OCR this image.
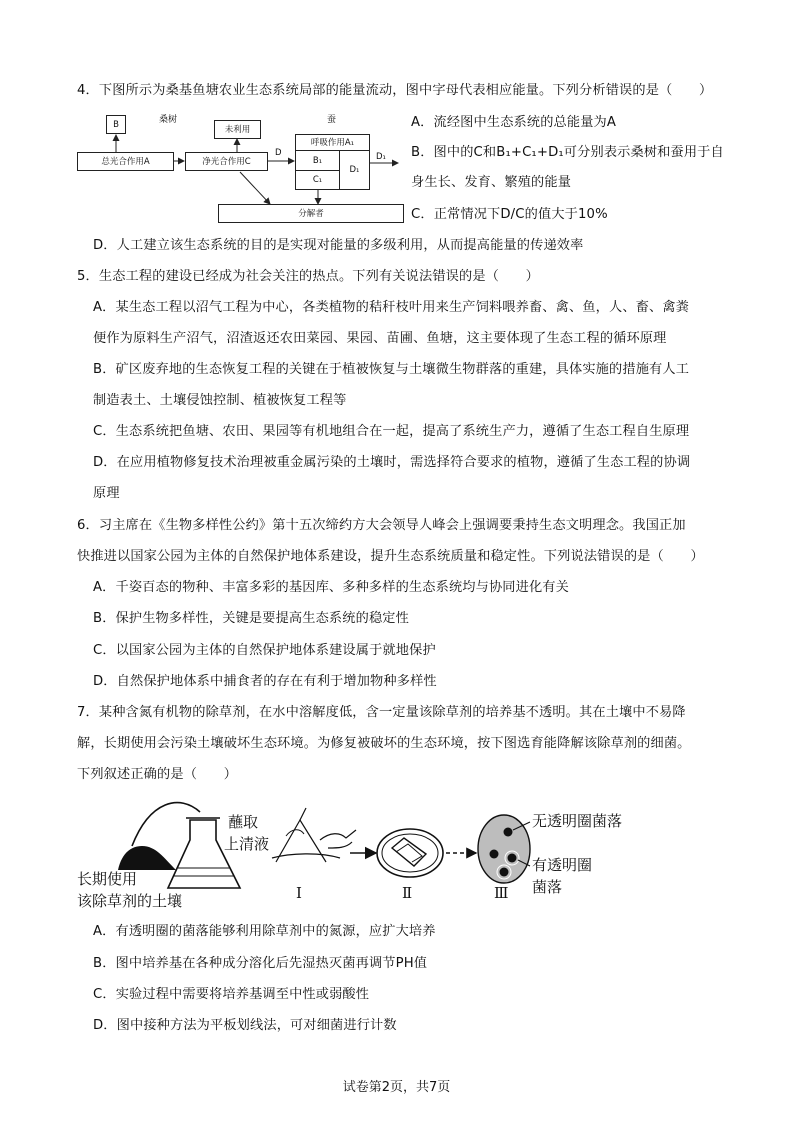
4．下图所示为桑基鱼塘农业生态系统局部的能量流动，图中字母代表相应能量。下列分析错误的是（　　）
B	桑树	蚕
总光合作用A
未利用
净光合作用C
D
呼吸作用A₁
B₁
C₁
D₁
D₁
分解者
A．流经图中生态系统的总能量为A
B．图中的C和B₁+C₁+D₁可分别表示桑树和蚕用于自
身生长、发育、繁殖的能量
C．正常情况下D/C的值大于10%
D．人工建立该生态系统的目的是实现对能量的多级利用，从而提高能量的传递效率
5．生态工程的建设已经成为社会关注的热点。下列有关说法错误的是（　　）
A．某生态工程以沼气工程为中心，各类植物的秸秆枝叶用来生产饲料喂养畜、禽、鱼，人、畜、禽粪
便作为原料生产沼气，沼渣返还农田菜园、果园、苗圃、鱼塘，这主要体现了生态工程的循环原理
B．矿区废弃地的生态恢复工程的关键在于植被恢复与土壤微生物群落的重建，具体实施的措施有人工
制造表土、土壤侵蚀控制、植被恢复工程等
C．生态系统把鱼塘、农田、果园等有机地组合在一起，提高了系统生产力，遵循了生态工程自生原理
D．在应用植物修复技术治理被重金属污染的土壤时，需选择符合要求的植物，遵循了生态工程的协调
原理
6．习主席在《生物多样性公约》第十五次缔约方大会领导人峰会上强调要秉持生态文明理念。我国正加
快推进以国家公园为主体的自然保护地体系建设，提升生态系统质量和稳定性。下列说法错误的是（　　）
A．千姿百态的物种、丰富多彩的基因库、多种多样的生态系统均与协同进化有关
B．保护生物多样性，关键是要提高生态系统的稳定性
C．以国家公园为主体的自然保护地体系建设属于就地保护
D．自然保护地体系中捕食者的存在有利于增加物种多样性
7．某种含氮有机物的除草剂，在水中溶解度低，含一定量该除草剂的培养基不透明。其在土壤中不易降
解，长期使用会污染土壤破坏生态环境。为修复被破坏的生态环境，按下图选育能降解该除草剂的细菌。
下列叙述正确的是（　　）
长期使用
该除草剂的土壤
蘸取
上清液
Ⅰ	Ⅱ	Ⅲ
无透明圈菌落
有透明圈
菌落
A．有透明圈的菌落能够利用除草剂中的氮源，应扩大培养
B．图中培养基在各种成分溶化后先湿热灭菌再调节PH值
C．实验过程中需要将培养基调至中性或弱酸性
D．图中接种方法为平板划线法，可对细菌进行计数
试卷第2页，共7页
